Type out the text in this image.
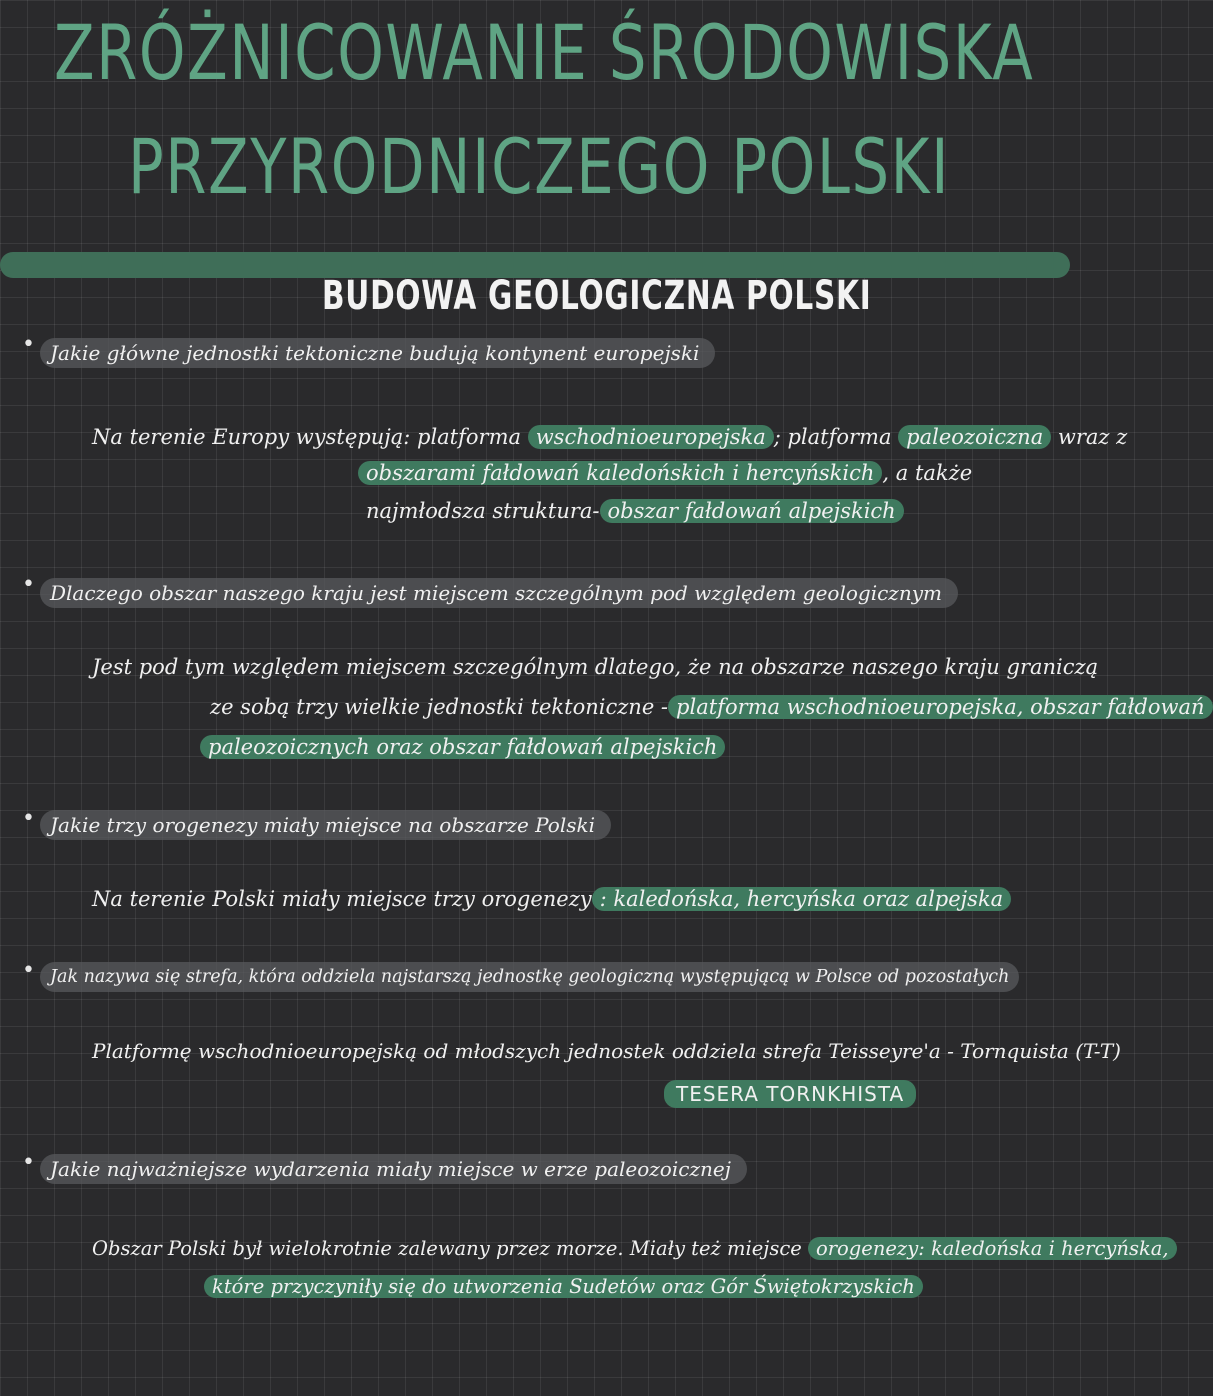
ZRÓŻNICOWANIE ŚRODOWISKA
PRZYRODNICZEGO POLSKI
BUDOWA GEOLOGICZNA POLSKI
• Jakie główne jednostki tektoniczne budują kontynent europejski
Na terenie Europy występują: platforma wschodnioeuropejska ; platforma paleozoiczna wraz z
obszarami fałdowań kaledońskich i hercyńskich , a także
najmłodsza struktura- obszar fałdowań alpejskich
• Dlaczego obszar naszego kraju jest miejscem szczególnym pod względem geologicznym
Jest pod tym względem miejscem szczególnym dlatego, że na obszarze naszego kraju graniczą
ze sobą trzy wielkie jednostki tektoniczne - platforma wschodnioeuropejska, obszar fałdowań
paleozoicznych oraz obszar fałdowań alpejskich
• Jakie trzy orogenezy miały miejsce na obszarze Polski
Na terenie Polski miały miejsce trzy orogenezy : kaledońska, hercyńska oraz alpejska
• Jak nazywa się strefa, która oddziela najstarszą jednostkę geologiczną występującą w Polsce od pozostałych
Platformę wschodnioeuropejską od młodszych jednostek oddziela strefa Teisseyre'a - Tornquista (T-T)
TESERA TORNKHISTA
• Jakie najważniejsze wydarzenia miały miejsce w erze paleozoicznej
Obszar Polski był wielokrotnie zalewany przez morze. Miały też miejsce orogenezy: kaledońska i hercyńska,
które przyczyniły się do utworzenia Sudetów oraz Gór Świętokrzyskich
